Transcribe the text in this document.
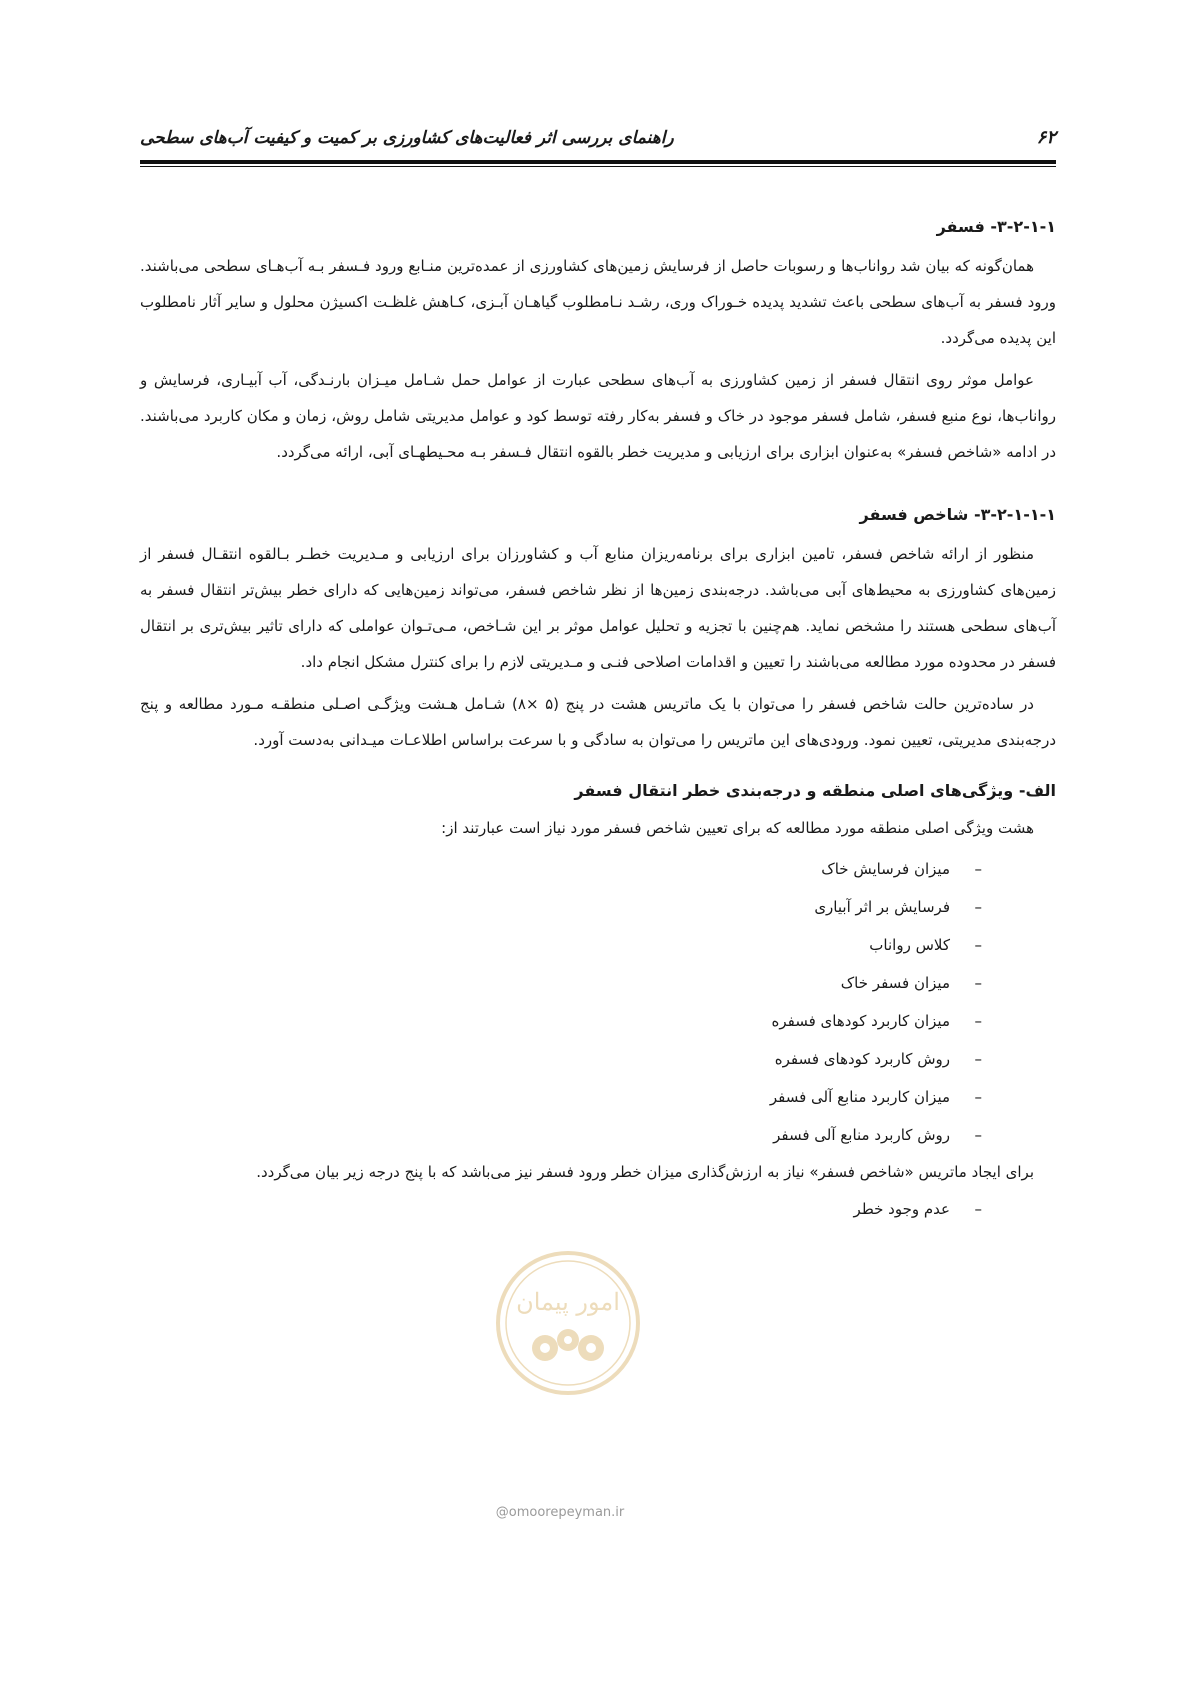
۶۲
راهنمای بررسی اثر فعالیت‌های کشاورزی بر کمیت و کیفیت آب‌های سطحی
۳-۲-۱-۱- فسفر

همان‌گونه که بیان شد رواناب‌ها و رسوبات حاصل از فرسایش زمین‌های کشاورزی از عمده‌ترین منـابع ورود فـسفر بـه آب‌هـای سطحی می‌باشند. ورود فسفر به آب‌های سطحی باعث تشدید پدیده خـوراک وری، رشـد نـامطلوب گیاهـان آبـزی، کـاهش غلظـت اکسیژن محلول و سایر آثار نامطلوب این پدیده می‌گردد.

عوامل موثر روی انتقال فسفر از زمین کشاورزی به آب‌های سطحی عبارت از عوامل حمل شـامل میـزان بارنـدگی، آب آبیـاری، فرسایش و رواناب‌ها، نوع منبع فسفر، شامل فسفر موجود در خاک و فسفر به‌کار رفته توسط کود و عوامل مدیریتی شامل روش، زمان و مکان کاربرد می‌باشند. در ادامه «شاخص فسفر» به‌عنوان ابزاری برای ارزیابی و مدیریت خطر بالقوه انتقال فـسفر بـه محـیطهـای آبی، ارائه می‌گردد.

۳-۲-۱-۱-۱- شاخص فسفر

منظور از ارائه شاخص فسفر، تامین ابزاری برای برنامه‌ریزان منابع آب و کشاورزان برای ارزیابی و مـدیریت خطـر بـالقوه انتقـال فسفر از زمین‌های کشاورزی به محیط‌های آبی می‌باشد. درجه‌بندی زمین‌ها از نظر شاخص فسفر، می‌تواند زمین‌هایی که دارای خطر بیش‌تر انتقال فسفر به آب‌های سطحی هستند را مشخص نماید. هم‌چنین با تجزیه و تحلیل عوامل موثر بر این شـاخص، مـی‌تـوان عواملی که دارای تاثیر بیش‌تری بر انتقال فسفر در محدوده مورد مطالعه می‌باشند را تعیین و اقدامات اصلاحی فنـی و مـدیریتی لازم را برای کنترل مشکل انجام داد.

در ساده‌ترین حالت شاخص فسفر را می‌توان با یک ماتریس هشت در پنج (۵ ×۸) شـامل هـشت ویژگـی اصـلی منطقـه مـورد مطالعه و پنج درجه‌بندی مدیریتی، تعیین نمود. ورودی‌های این ماتریس را می‌توان به سادگی و با سرعت براساس اطلاعـات میـدانی به‌دست آورد.

الف- ویژگی‌های اصلی منطقه و درجه‌بندی خطر انتقال فسفر

هشت ویژگی اصلی منطقه مورد مطالعه که برای تعیین شاخص فسفر مورد نیاز است عبارتند از:

–
میزان فرسایش خاک
–
فرسایش بر اثر آبیاری
–
کلاس رواناب
–
میزان فسفر خاک
–
میزان کاربرد کودهای فسفره
–
روش کاربرد کودهای فسفره
–
میزان کاربرد منابع آلی فسفر
–
روش کاربرد منابع آلی فسفر

برای ایجاد ماتریس «شاخص فسفر» نیاز به ارزش‌گذاری میزان خطر ورود فسفر نیز می‌باشد که با پنج درجه زیر بیان می‌گردد.

–
عدم وجود خطر
امور پیمان
@omoorepeyman.ir
